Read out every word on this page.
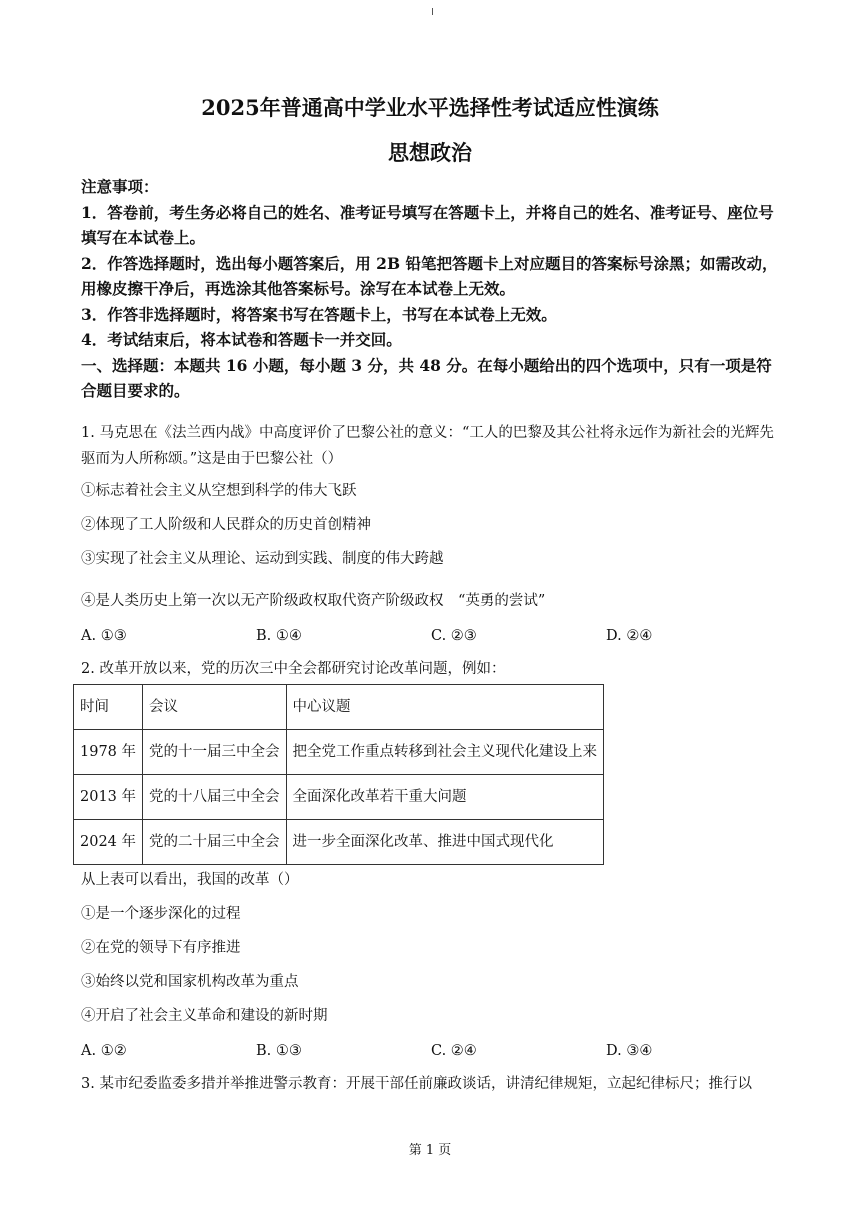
2025年普通高中学业水平选择性考试适应性演练
思想政治

注意事项：

1．答卷前，考生务必将自己的姓名、准考证号填写在答题卡上，并将自己的姓名、准考证号、座位号填写在本试卷上。

2．作答选择题时，选出每小题答案后，用 2B 铅笔把答题卡上对应题目的答案标号涂黑；如需改动，用橡皮擦干净后，再选涂其他答案标号。涂写在本试卷上无效。

3．作答非选择题时，将答案书写在答题卡上，书写在本试卷上无效。

4．考试结束后，将本试卷和答题卡一并交回。

一、选择题：本题共 16 小题，每小题 3 分，共 48 分。在每小题给出的四个选项中，只有一项是符合题目要求的。

1. 马克思在《法兰西内战》中高度评价了巴黎公社的意义：“工人的巴黎及其公社将永远作为新社会的光辉先驱而为人所称颂。”这是由于巴黎公社（）

①标志着社会主义从空想到科学的伟大飞跃

②体现了工人阶级和人民群众的历史首创精神

③实现了社会主义从理论、运动到实践、制度的伟大跨越

④是人类历史上第一次以无产阶级政权取代资产阶级政权　“英勇的尝试”

A. ①③	B. ①④	C. ②③	D. ②④

2. 改革开放以来，党的历次三中全会都研究讨论改革问题，例如：

时间	会议	中心议题
1978 年	党的十一届三中全会	把全党工作重点转移到社会主义现代化建设上来
2013 年	党的十八届三中全会	全面深化改革若干重大问题
2024 年	党的二十届三中全会	进一步全面深化改革、推进中国式现代化

从上表可以看出，我国的改革（）

①是一个逐步深化的过程

②在党的领导下有序推进

③始终以党和国家机构改革为重点

④开启了社会主义革命和建设的新时期

A. ①②	B. ①③	C. ②④	D. ③④

3. 某市纪委监委多措并举推进警示教育：开展干部任前廉政谈话，讲清纪律规矩，立起纪律标尺；推行以

第 1 页
